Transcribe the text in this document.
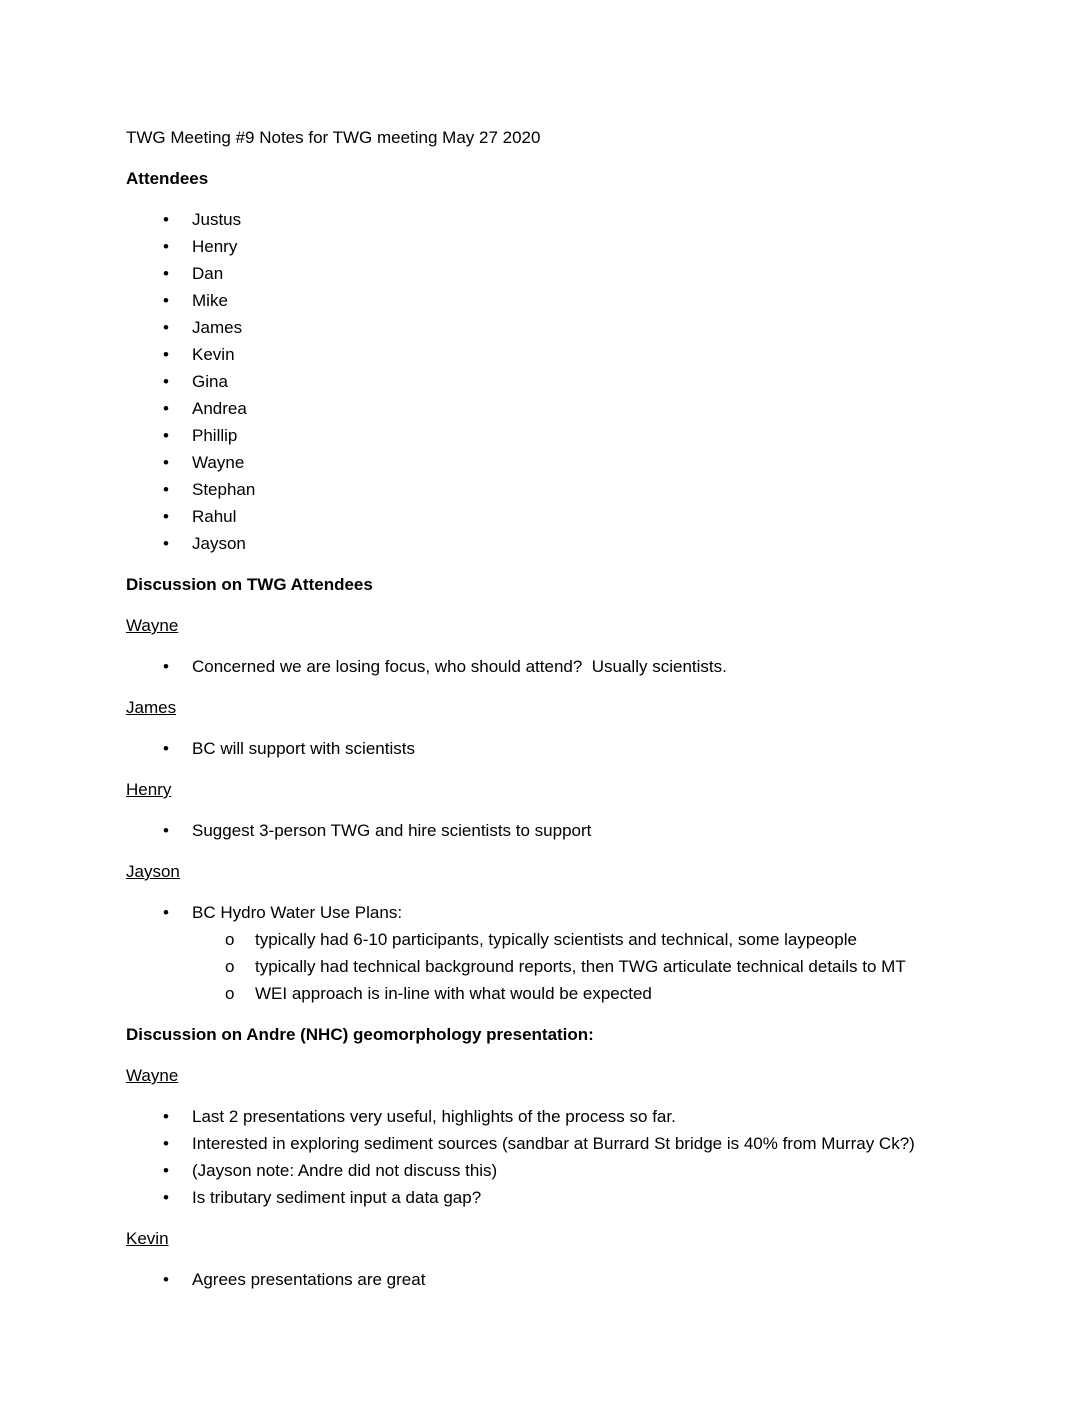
TWG Meeting #9 Notes for TWG meeting May 27 2020

Attendees

•	Justus
•	Henry
•	Dan
•	Mike
•	James
•	Kevin
•	Gina
•	Andrea
•	Phillip
•	Wayne
•	Stephan
•	Rahul
•	Jayson

Discussion on TWG Attendees

Wayne

•	Concerned we are losing focus, who should attend?  Usually scientists.

James

•	BC will support with scientists

Henry

•	Suggest 3-person TWG and hire scientists to support

Jayson

•	BC Hydro Water Use Plans:
o	typically had 6-10 participants, typically scientists and technical, some laypeople
o	typically had technical background reports, then TWG articulate technical details to MT
o	WEI approach is in-line with what would be expected

Discussion on Andre (NHC) geomorphology presentation:

Wayne

•	Last 2 presentations very useful, highlights of the process so far.
•	Interested in exploring sediment sources (sandbar at Burrard St bridge is 40% from Murray Ck?)
•	(Jayson note: Andre did not discuss this)
•	Is tributary sediment input a data gap?

Kevin

•	Agrees presentations are great
